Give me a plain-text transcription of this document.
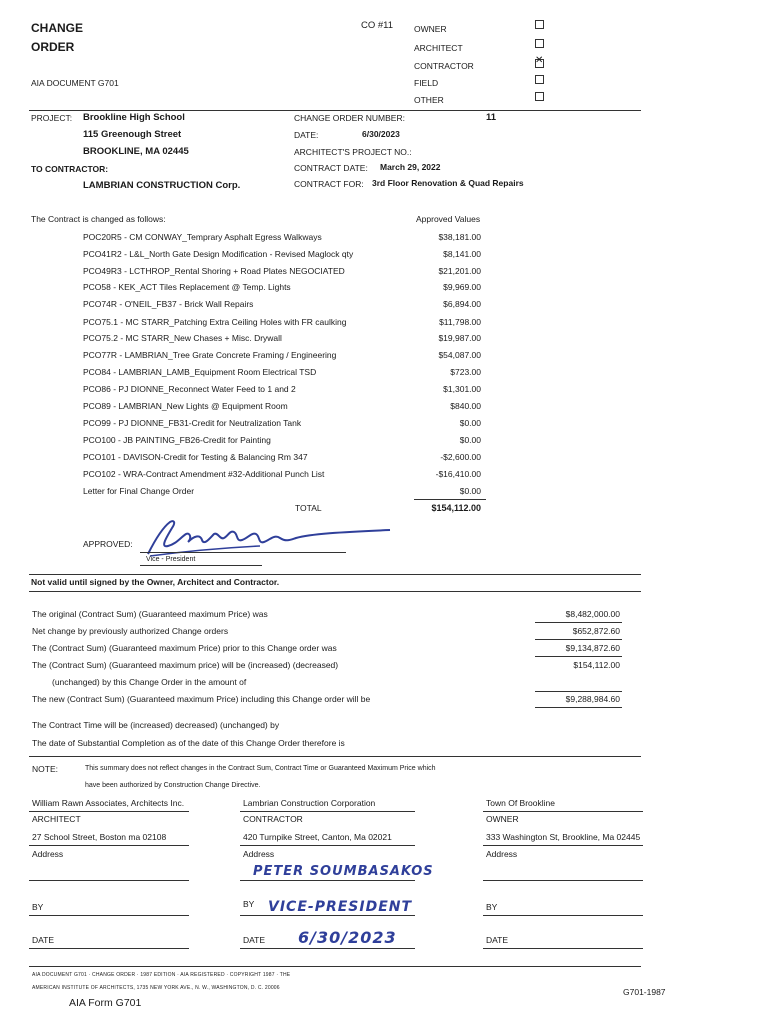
CHANGE
ORDER
CO #11
AIA DOCUMENT G701
OWNER
ARCHITECT
CONTRACTOR	✕
FIELD
OTHER
PROJECT: Brookline High School
115 Greenough Street
BROOKLINE, MA 02445
TO CONTRACTOR:
LAMBRIAN CONSTRUCTION Corp.
CHANGE ORDER NUMBER:	11
DATE:	6/30/2023
ARCHITECT'S PROJECT NO.:
CONTRACT DATE: March 29, 2022
CONTRACT FOR: 3rd Floor Renovation & Quad Repairs
The Contract is changed as follows:	Approved Values
POC20R5 - CM CONWAY_Temprary Asphalt Egress Walkways	$38,181.00
PCO41R2 - L&L_North Gate Design Modification - Revised Maglock qty	$8,141.00
PCO49R3 - LCTHROP_Rental Shoring + Road Plates NEGOCIATED	$21,201.00
PCO58 - KEK_ACT Tiles Replacement @ Temp. Lights	$9,969.00
PCO74R - O'NEIL_FB37 - Brick Wall Repairs	$6,894.00
PCO75.1 - MC STARR_Patching Extra Ceiling Holes with FR caulking	$11,798.00
PCO75.2 - MC STARR_New Chases + Misc. Drywall	$19,987.00
PCO77R - LAMBRIAN_Tree Grate Concrete Framing / Engineering	$54,087.00
PCO84 - LAMBRIAN_LAMB_Equipment Room Electrical TSD	$723.00
PCO86 - PJ DIONNE_Reconnect Water Feed to 1 and 2	$1,301.00
PCO89 - LAMBRIAN_New Lights @ Equipment Room	$840.00
PCO99 - PJ DIONNE_FB31-Credit for Neutralization Tank	$0.00
PCO100 - JB PAINTING_FB26-Credit for Painting	$0.00
PCO101 - DAVISON-Credit for Testing & Balancing Rm 347	-$2,600.00
PCO102 - WRA-Contract Amendment #32-Additional Punch List	-$16,410.00
Letter for Final Change Order	$0.00
TOTAL	$154,112.00
APPROVED:
Vice - President
Not valid until signed by the Owner, Architect and Contractor.
The original (Contract Sum) (Guaranteed maximum Price) was	$8,482,000.00
Net change by previously authorized Change orders	$652,872.60
The (Contract Sum) (Guaranteed maximum Price) prior to this Change order was	$9,134,872.60
The (Contract Sum) (Guaranteed maximum price) will be (increased) (decreased)	$154,112.00
(unchanged) by this Change Order in the amount of
The new (Contract Sum) (Guaranteed maximum Price) including this Change order will be	$9,288,984.60
The Contract Time will be (increased) decreased) (unchanged) by
The date of Substantial Completion as of the date of this Change Order therefore is
NOTE:	This summary does not reflect changes in the Contract Sum, Contract Time or Guaranteed Maximum Price which
have been authorized by Construction Change Directive.
William Rawn Associates, Architects Inc.
ARCHITECT
27 School Street, Boston ma 02108
Address
BY
DATE
Lambrian Construction Corporation
CONTRACTOR
420 Turnpike Street, Canton, Ma 02021
Address
PETER SOUMBASAKOS
BY VICE-PRESIDENT
DATE 6/30/2023
Town Of Brookline
OWNER
333 Washington St, Brookline, Ma 02445
Address
BY
DATE
AIA DOCUMENT G701 · CHANGE ORDER · 1987 EDITION · AIA REGISTERED · COPYRIGHT 1987 · THE
AMERICAN INSTITUTE OF ARCHITECTS, 1735 NEW YORK AVE., N. W., WASHINGTON, D. C. 20006
AIA Form G701
G701-1987
